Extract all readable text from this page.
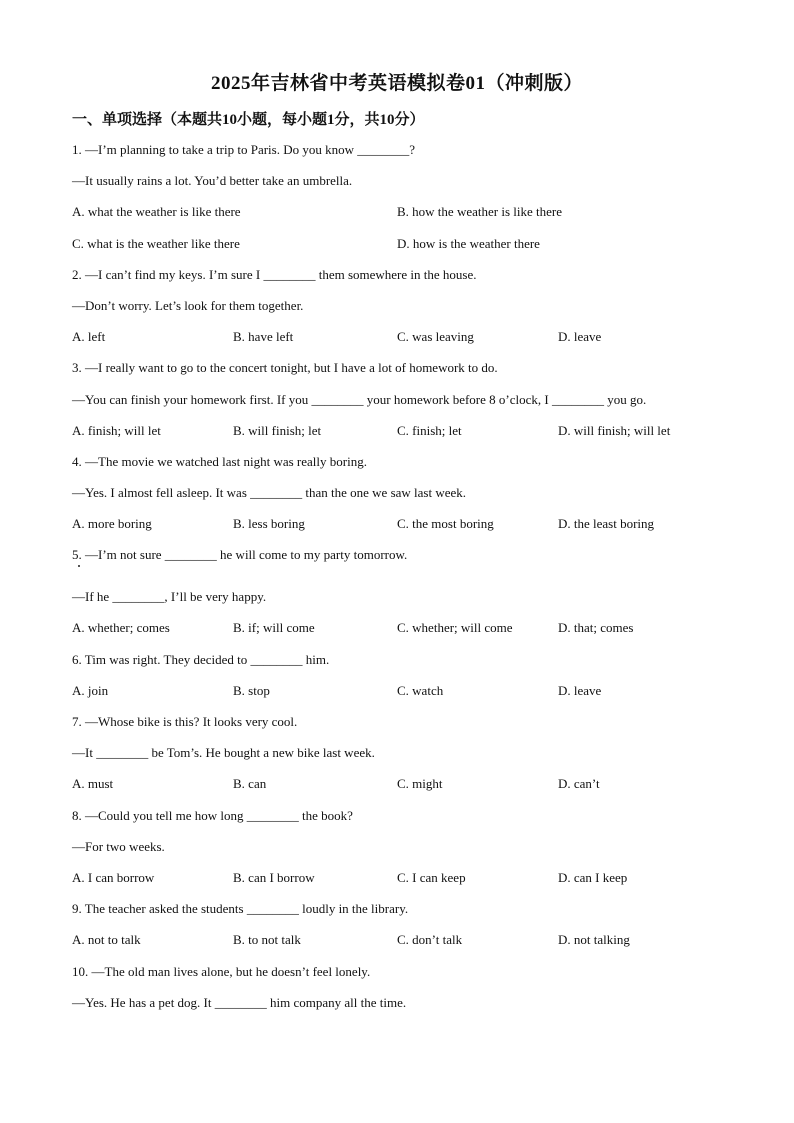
2025年吉林省中考英语模拟卷01（冲刺版）
一、单项选择（本题共10小题，每小题1分，共10分）
1. —I’m planning to take a trip to Paris. Do you know ________?
—It usually rains a lot. You’d better take an umbrella.
A. what the weather is like there	B. how the weather is like there
C. what is the weather like there	D. how is the weather there
2. —I can’t find my keys. I’m sure I ________ them somewhere in the house.
—Don’t worry. Let’s look for them together.
A. left	B. have left	C. was leaving	D. leave
3. —I really want to go to the concert tonight, but I have a lot of homework to do.
—You can finish your homework first. If you ________ your homework before 8 o’clock, I ________ you go.
A. finish; will let	B. will finish; let	C. finish; let	D. will finish; will let
4. —The movie we watched last night was really boring.
—Yes. I almost fell asleep. It was ________ than the one we saw last week.
A. more boring	B. less boring	C. the most boring	D. the least boring
5. —I’m not sure ________ he will come to my party tomorrow.
—If he ________, I’ll be very happy.
A. whether; comes	B. if; will come	C. whether; will come	D. that; comes
6. Tim was right. They decided to ________ him.
A. join	B. stop	C. watch	D. leave
7. —Whose bike is this? It looks very cool.
—It ________ be Tom’s. He bought a new bike last week.
A. must	B. can	C. might	D. can’t
8. —Could you tell me how long ________ the book?
—For two weeks.
A. I can borrow	B. can I borrow	C. I can keep	D. can I keep
9. The teacher asked the students ________ loudly in the library.
A. not to talk	B. to not talk	C. don’t talk	D. not talking
10. —The old man lives alone, but he doesn’t feel lonely.
—Yes. He has a pet dog. It ________ him company all the time.
